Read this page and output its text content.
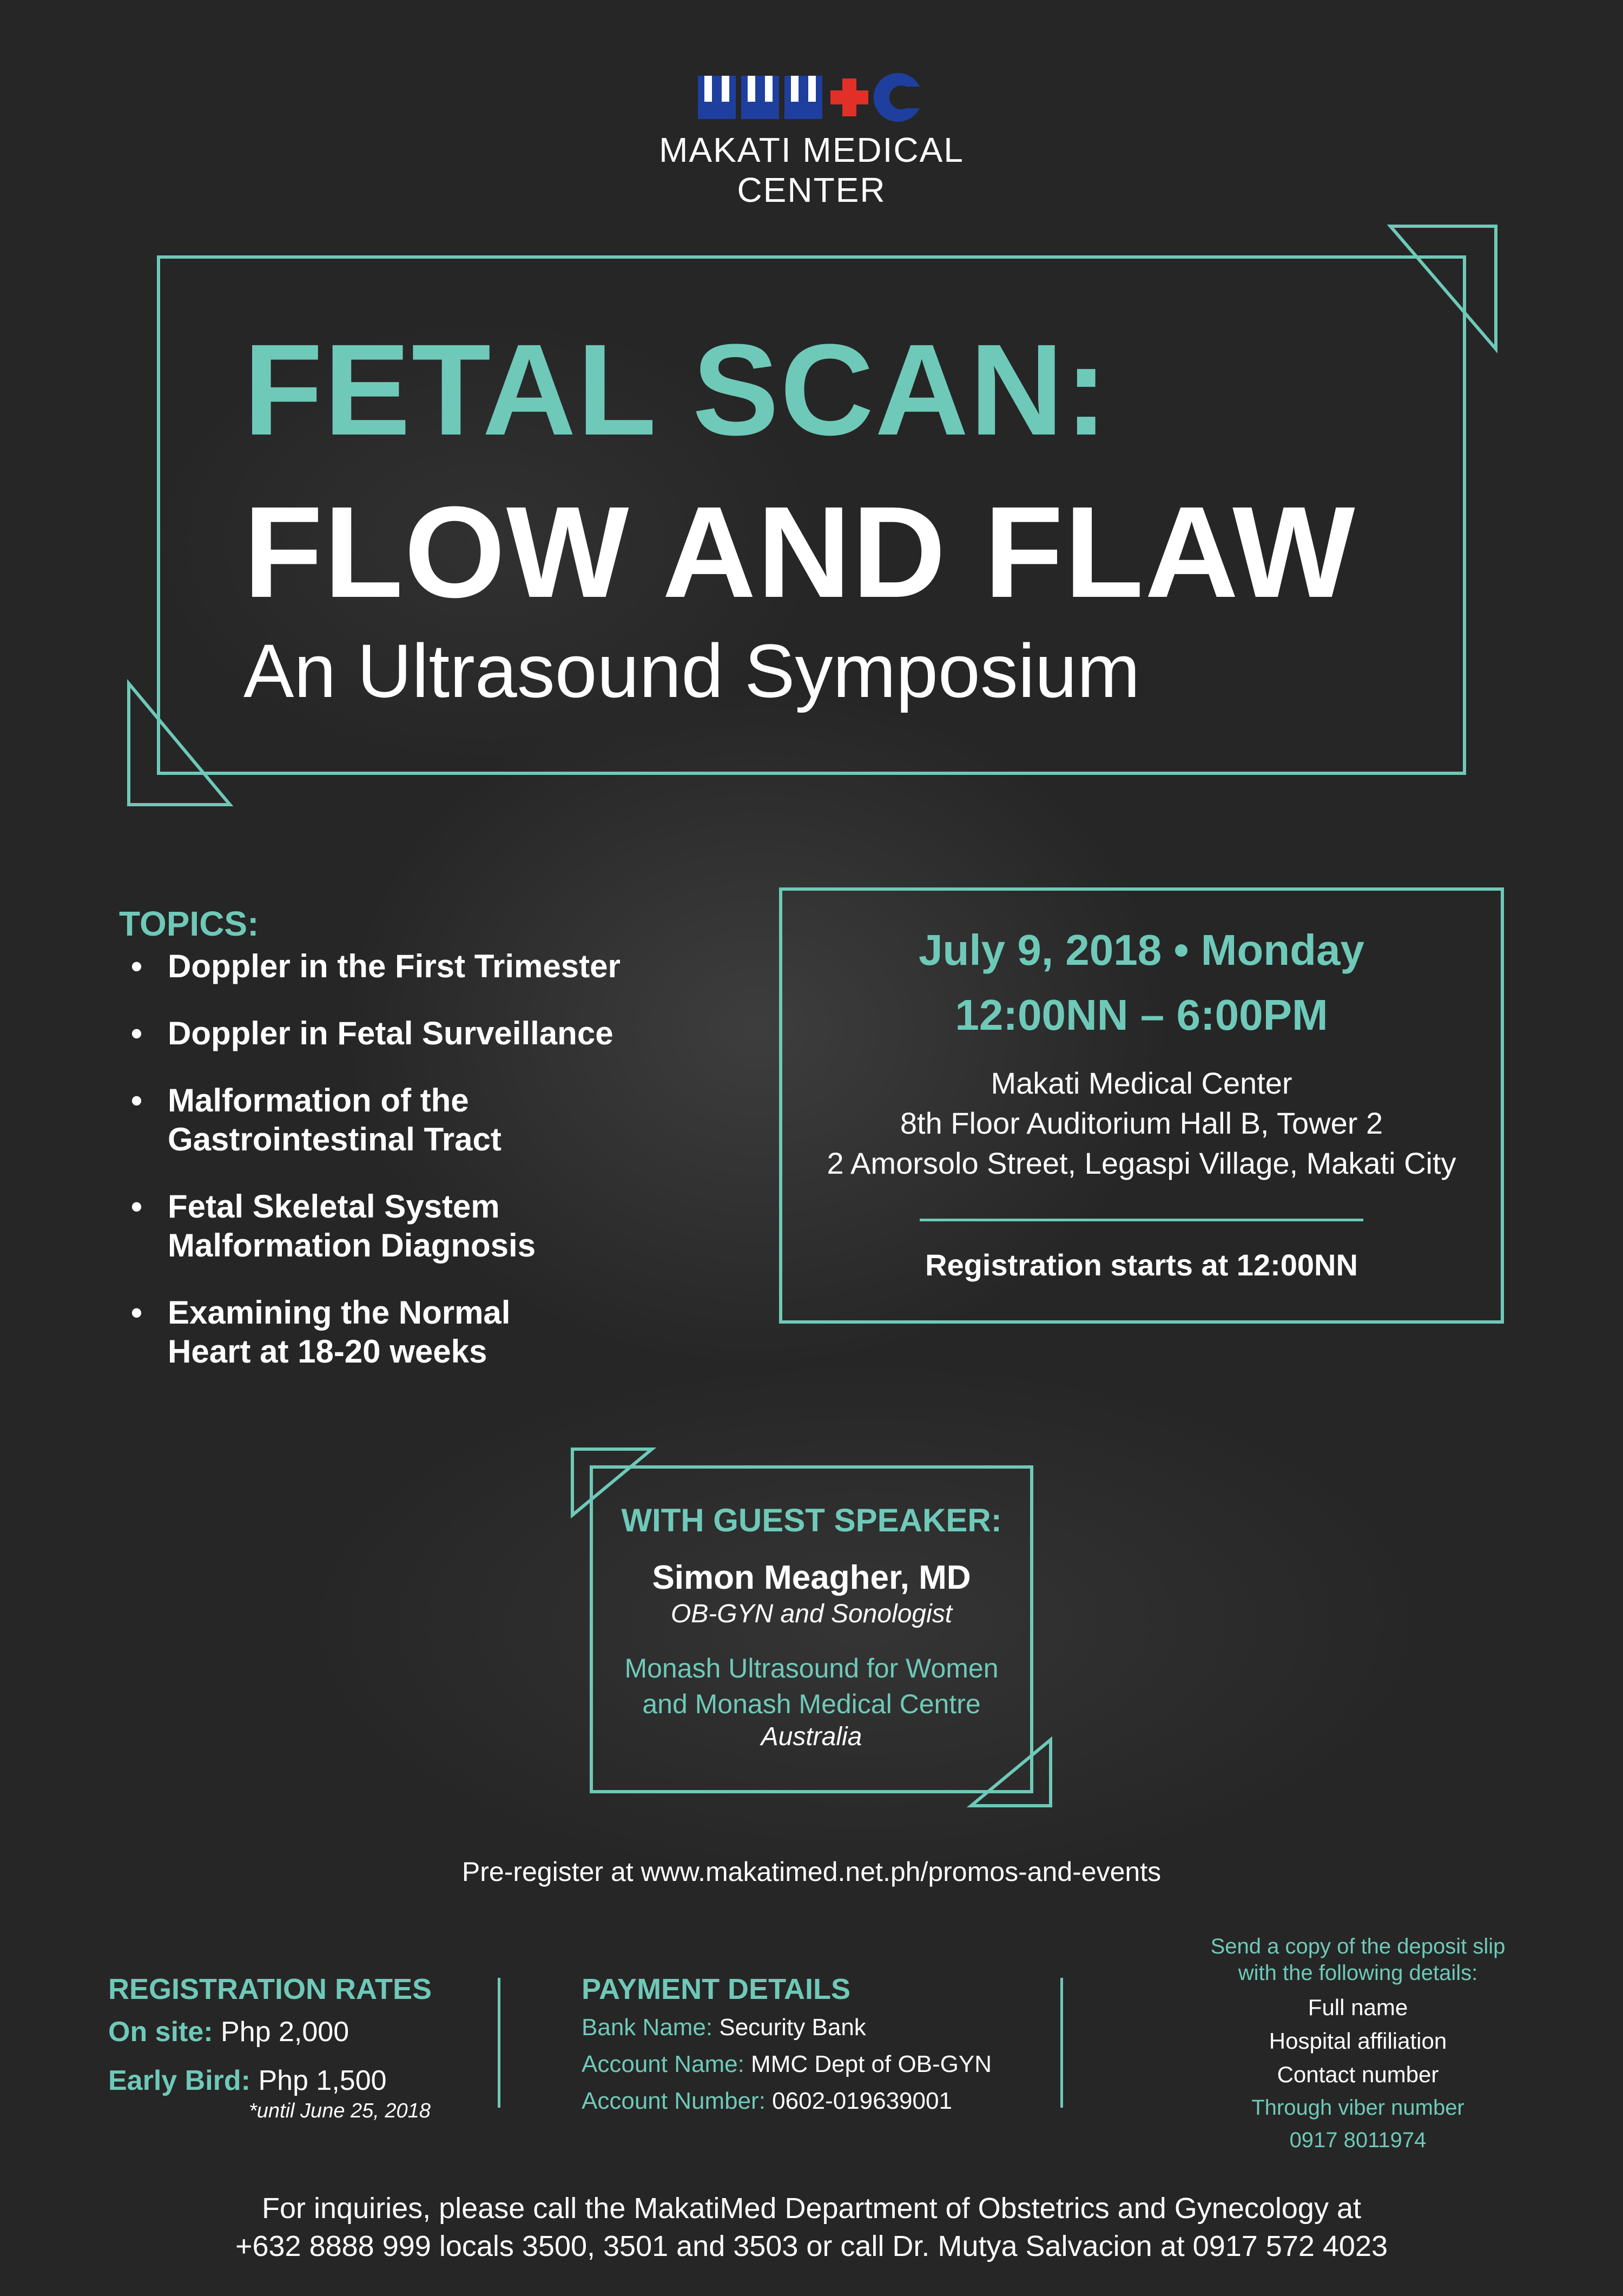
MAKATI MEDICAL CENTER
FETAL SCAN:
FLOW AND FLAW
An Ultrasound Symposium
TOPICS:
• Doppler in the First Trimester
• Doppler in Fetal Surveillance
• Malformation of the Gastrointestinal Tract
• Fetal Skeletal System Malformation Diagnosis
• Examining the Normal Heart at 18-20 weeks
July 9, 2018 • Monday
12:00NN – 6:00PM
Makati Medical Center
8th Floor Auditorium Hall B, Tower 2
2 Amorsolo Street, Legaspi Village, Makati City
Registration starts at 12:00NN
WITH GUEST SPEAKER:
Simon Meagher, MD
OB-GYN and Sonologist
Monash Ultrasound for Women
and Monash Medical Centre
Australia
Pre-register at www.makatimed.net.ph/promos-and-events
REGISTRATION RATES
On site: Php 2,000
Early Bird: Php 1,500
*until June 25, 2018
PAYMENT DETAILS
Bank Name: Security Bank
Account Name: MMC Dept of OB-GYN
Account Number: 0602-019639001
Send a copy of the deposit slip
with the following details:
Full name
Hospital affiliation
Contact number
Through viber number
0917 8011974
For inquiries, please call the MakatiMed Department of Obstetrics and Gynecology at
+632 8888 999 locals 3500, 3501 and 3503 or call Dr. Mutya Salvacion at 0917 572 4023
